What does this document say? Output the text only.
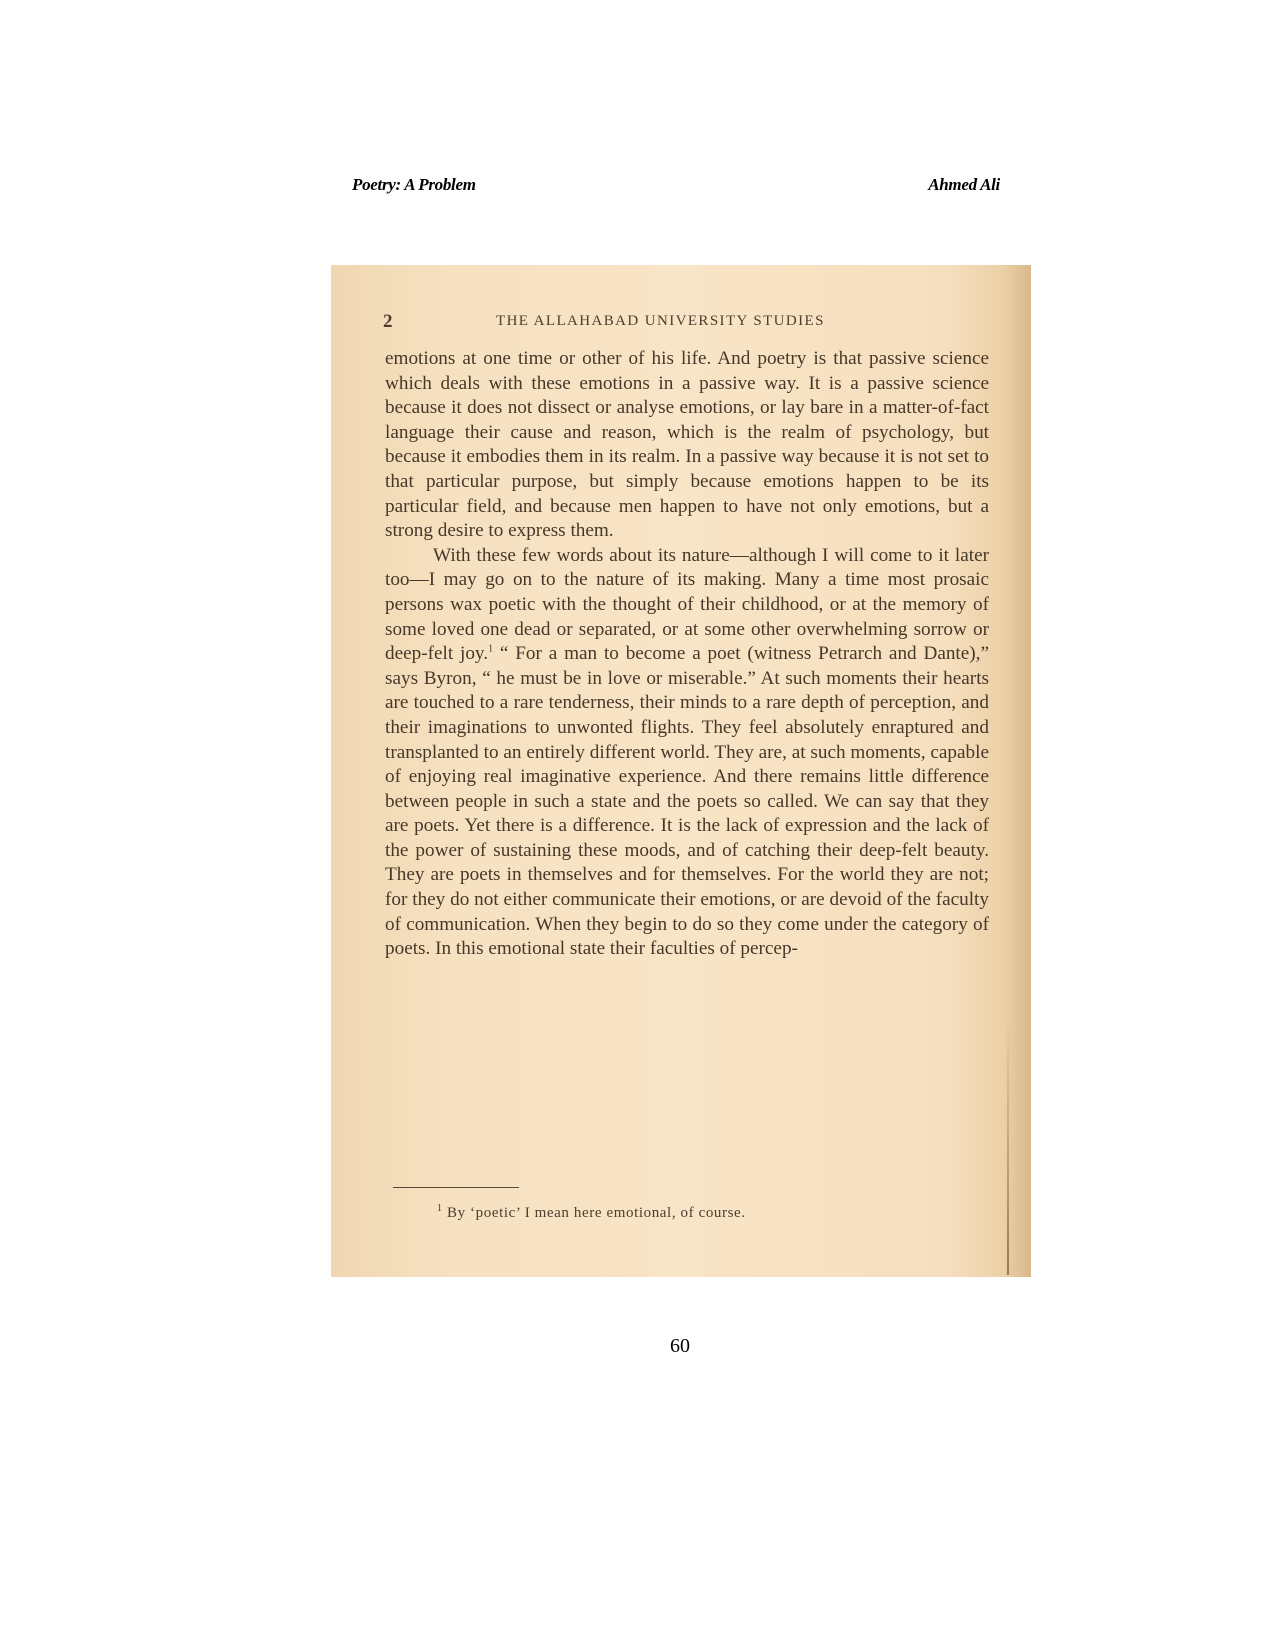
Poetry: A Problem	Ahmed Ali
2	THE ALLAHABAD UNIVERSITY STUDIES

emotions at one time or other of his life. And poetry is that passive science which deals with these emotions in a passive way. It is a passive science because it does not dissect or analyse emotions, or lay bare in a matter-of-fact language their cause and reason, which is the realm of psychology, but because it embodies them in its realm. In a passive way because it is not set to that particular purpose, but simply because emotions happen to be its particular field, and because men happen to have not only emotions, but a strong desire to express them.

With these few words about its nature—although I will come to it later too—I may go on to the nature of its making. Many a time most prosaic persons wax poetic with the thought of their childhood, or at the memory of some loved one dead or separated, or at some other overwhelming sorrow or deep-felt joy.$^1$ “ For a man to become a poet (witness Petrarch and Dante),” says Byron, “ he must be in love or miserable.” At such moments their hearts are touched to a rare tenderness, their minds to a rare depth of perception, and their imaginations to unwonted flights. They feel absolutely enraptured and transplanted to an entirely different world. They are, at such moments, capable of enjoying real imaginative experience. And there remains little difference between people in such a state and the poets so called. We can say that they are poets. Yet there is a difference. It is the lack of expression and the lack of the power of sustaining these moods, and of catching their deep-felt beauty. They are poets in themselves and for themselves. For the world they are not; for they do not either communicate their emotions, or are devoid of the faculty of communication. When they begin to do so they come under the category of poets. In this emotional state their faculties of percep-

$^1$ By ‘poetic’ I mean here emotional, of course.
60
